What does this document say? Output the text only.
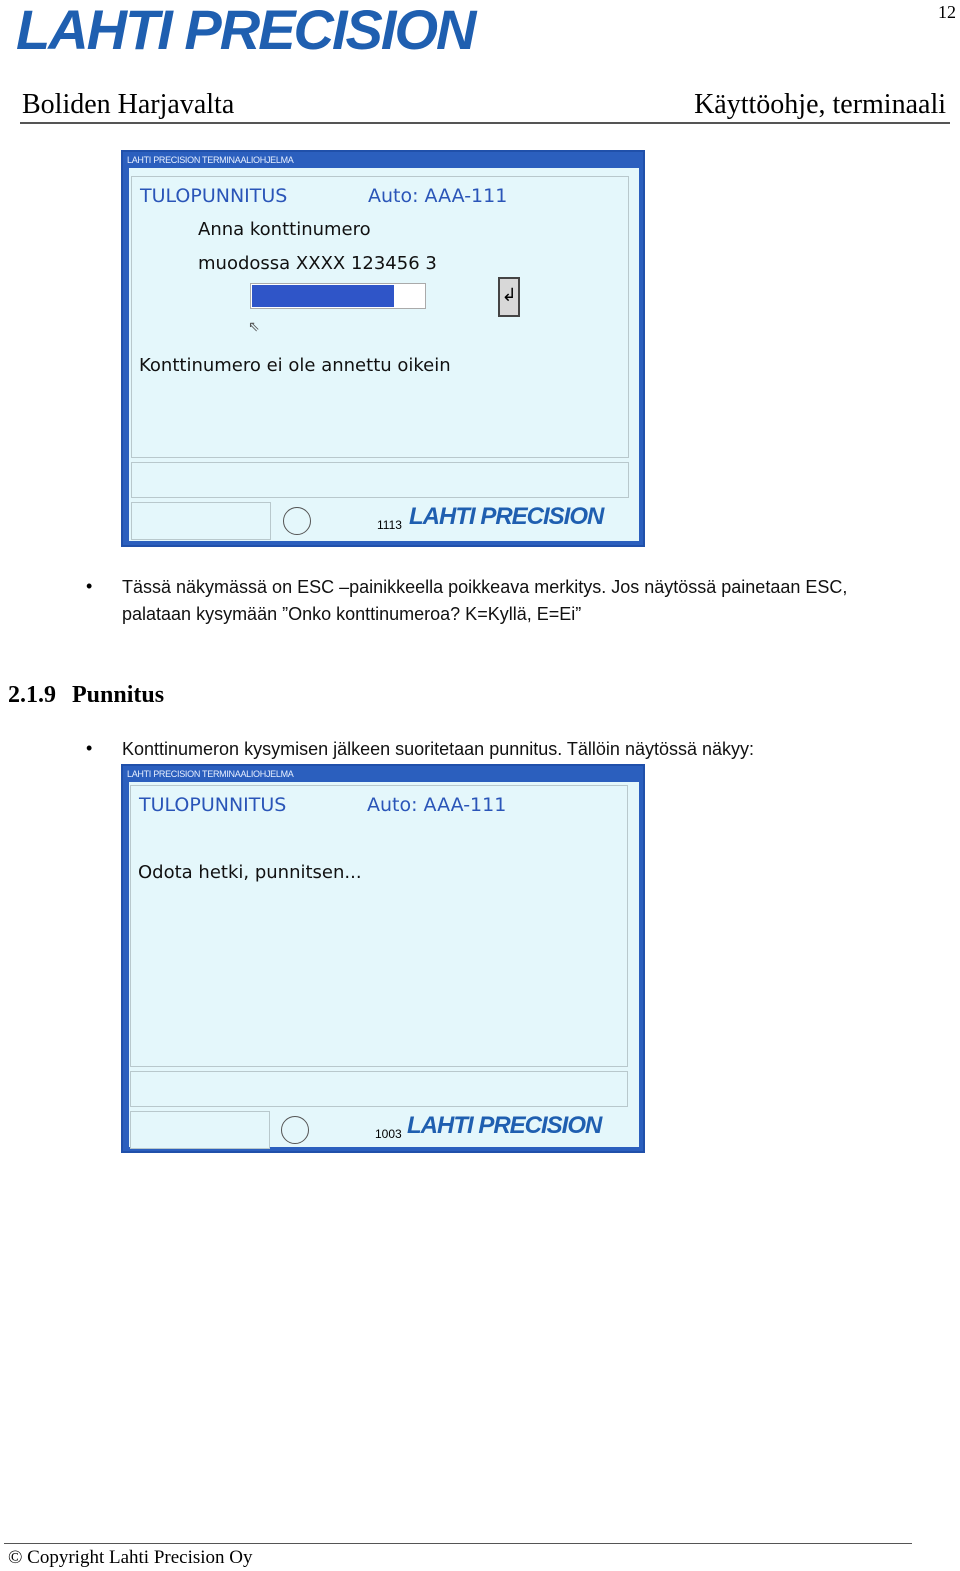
LAHTI PRECISION	12
Boliden Harjavalta	Käyttöohje, terminaali
LAHTI PRECISION TERMINAALIOHJELMA
TULOPUNNITUS	Auto: AAA-111
Anna konttinumero
muodossa XXXX 123456 3
↲
⇖
Konttinumero ei ole annettu oikein
1113 LAHTI PRECISION
• Tässä näkymässä on ESC –painikkeella poikkeava merkitys. Jos näytössä painetaan ESC,
palataan kysymään ”Onko konttinumeroa? K=Kyllä, E=Ei”
2.1.9 Punnitus
• Konttinumeron kysymisen jälkeen suoritetaan punnitus. Tällöin näytössä näkyy:
LAHTI PRECISION TERMINAALIOHJELMA
TULOPUNNITUS	Auto: AAA-111
Odota hetki, punnitsen...
1003 LAHTI PRECISION
© Copyright Lahti Precision Oy
